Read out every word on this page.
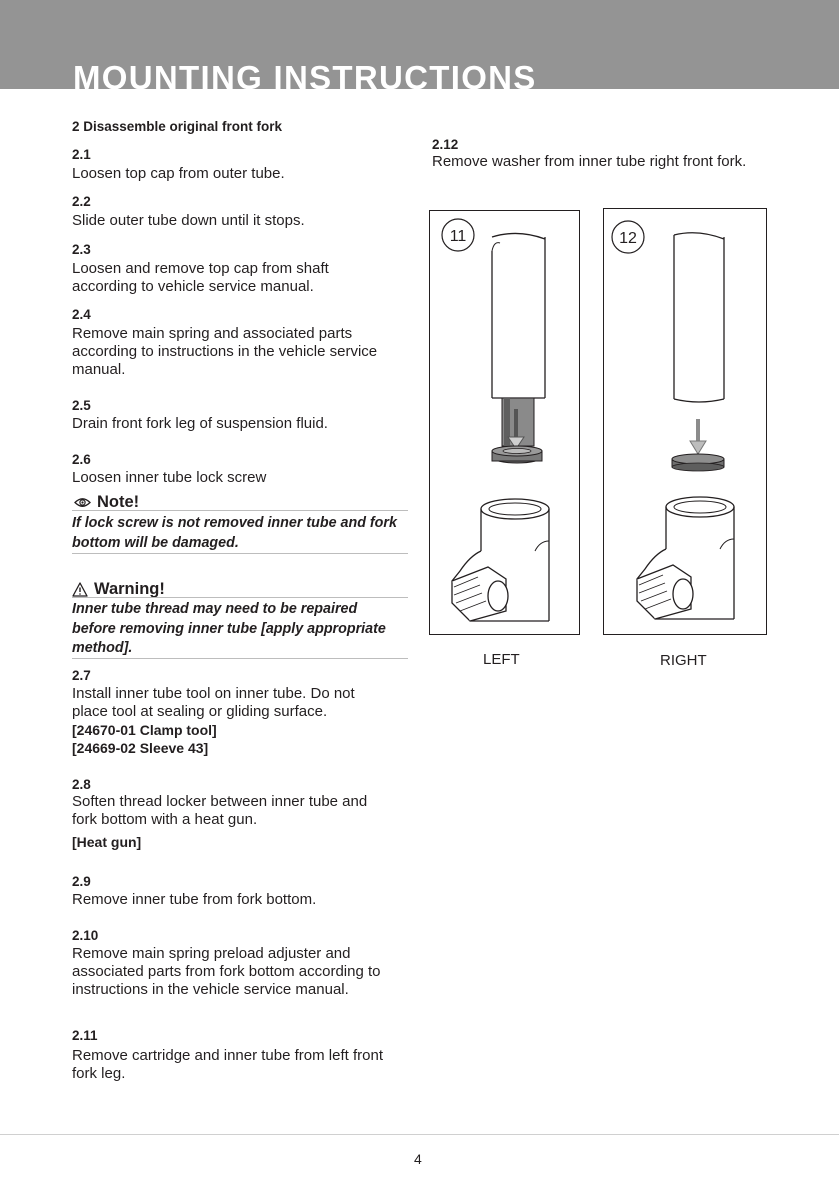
MOUNTING INSTRUCTIONS
2 Disassemble original front fork
2.1
Loosen top cap from outer tube.
2.2
Slide outer tube down until it stops.
2.3
Loosen and remove top cap from shaft
according to vehicle service manual.
2.4
Remove main spring and associated parts
according to instructions in the vehicle service
manual.
2.5
Drain front fork leg of suspension fluid.
2.6
Loosen inner tube lock screw
Note!
If lock screw is not removed inner tube and fork
bottom will be damaged.
Warning!
Inner tube thread may need to be repaired
before removing inner tube [apply appropriate
method].
2.7
Install inner tube tool on inner tube. Do not
place tool at sealing or gliding surface.
[24670-01 Clamp tool]
[24669-02 Sleeve 43]
2.8
Soften thread locker between inner tube and
fork bottom with a heat gun.
[Heat gun]
2.9
Remove inner tube from fork bottom.
2.10
Remove main spring preload adjuster and
associated parts from fork bottom according to
instructions in the vehicle service manual.
2.11
Remove cartridge and inner tube from left front
fork leg.
2.12
Remove washer from inner tube right front fork.
11
LEFT
12
RIGHT
4
